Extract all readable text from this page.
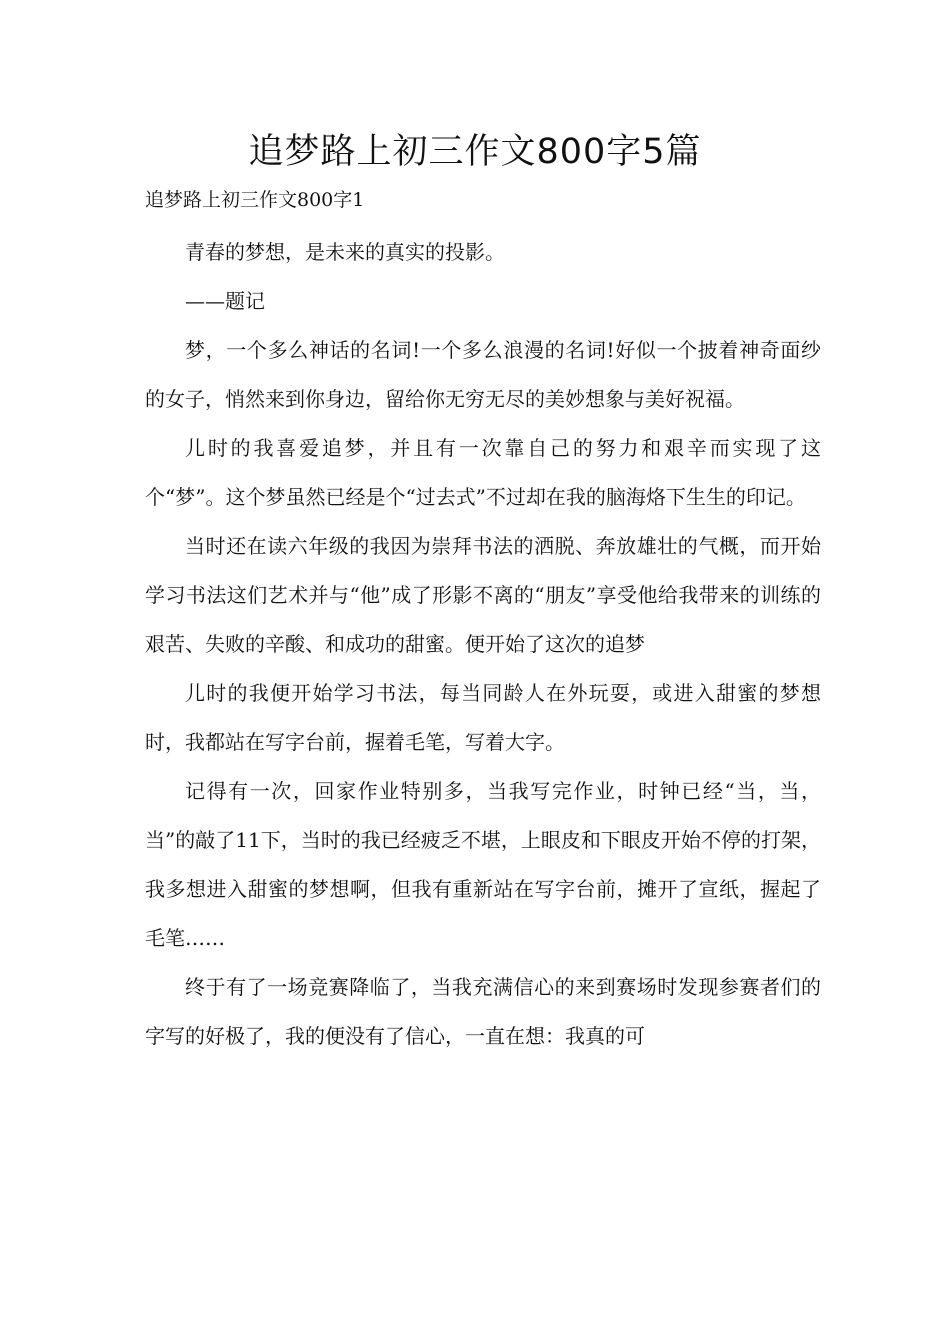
追梦路上初三作文800字5篇
追梦路上初三作文800字1

青春的梦想，是未来的真实的投影。

——题记

梦，一个多么神话的名词!一个多么浪漫的名词!好似一个披着神奇面纱的女子，悄然来到你身边，留给你无穷无尽的美妙想象与美好祝福。

儿时的我喜爱追梦，并且有一次靠自己的努力和艰辛而实现了这个“梦”。这个梦虽然已经是个“过去式”不过却在我的脑海烙下生生的印记。

当时还在读六年级的我因为崇拜书法的洒脱、奔放雄壮的气概，而开始学习书法这们艺术并与“他”成了形影不离的“朋友”享受他给我带来的训练的艰苦、失败的辛酸、和成功的甜蜜。便开始了这次的追梦

儿时的我便开始学习书法，每当同龄人在外玩耍，或进入甜蜜的梦想时，我都站在写字台前，握着毛笔，写着大字。

记得有一次，回家作业特别多，当我写完作业，时钟已经“当，当，当”的敲了11下，当时的我已经疲乏不堪，上眼皮和下眼皮开始不停的打架，我多想进入甜蜜的梦想啊，但我有重新站在写字台前，摊开了宣纸，握起了毛笔……

终于有了一场竞赛降临了，当我充满信心的来到赛场时发现参赛者们的字写的好极了，我的便没有了信心，一直在想：我真的可
